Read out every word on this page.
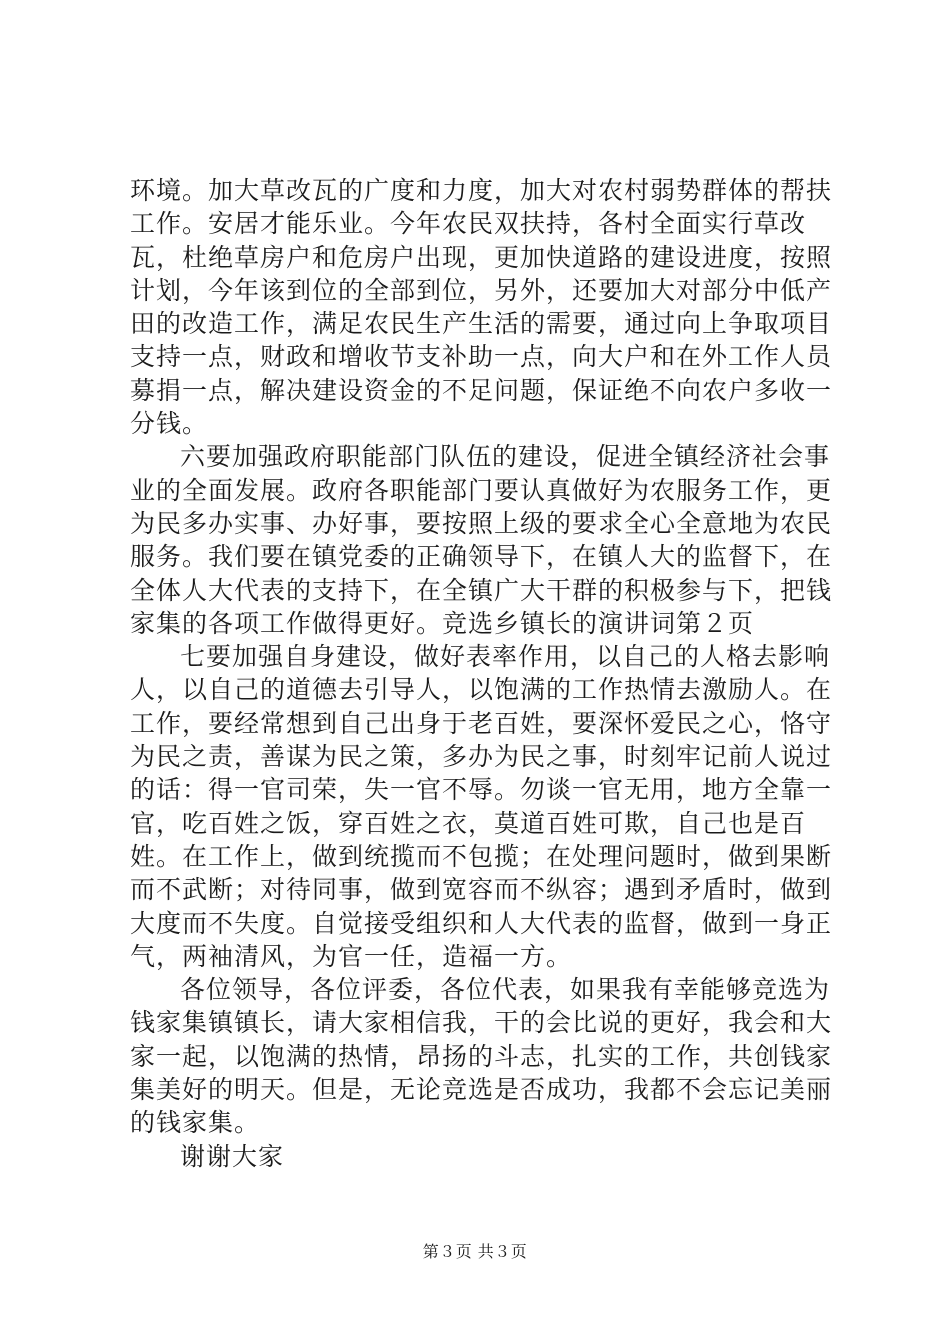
环境。加大草改瓦的广度和力度，加大对农村弱势群体的帮扶工作。安居才能乐业。今年农民双扶持，各村全面实行草改瓦，杜绝草房户和危房户出现，更加快道路的建设进度，按照计划，今年该到位的全部到位，另外，还要加大对部分中低产田的改造工作，满足农民生产生活的需要，通过向上争取项目支持一点，财政和增收节支补助一点，向大户和在外工作人员募捐一点，解决建设资金的不足问题，保证绝不向农户多收一分钱。

六要加强政府职能部门队伍的建设，促进全镇经济社会事业的全面发展。政府各职能部门要认真做好为农服务工作，更为民多办实事、办好事，要按照上级的要求全心全意地为农民服务。我们要在镇党委的正确领导下，在镇人大的监督下，在全体人大代表的支持下，在全镇广大干群的积极参与下，把钱家集的各项工作做得更好。竞选乡镇长的演讲词第２页

七要加强自身建设，做好表率作用，以自己的人格去影响人，以自己的道德去引导人，以饱满的工作热情去激励人。在工作，要经常想到自己出身于老百姓，要深怀爱民之心，恪守为民之责，善谋为民之策，多办为民之事，时刻牢记前人说过的话：得一官司荣，失一官不辱。勿谈一官无用，地方全靠一官，吃百姓之饭，穿百姓之衣，莫道百姓可欺，自己也是百姓。在工作上，做到统揽而不包揽；在处理问题时，做到果断而不武断；对待同事，做到宽容而不纵容；遇到矛盾时，做到大度而不失度。自觉接受组织和人大代表的监督，做到一身正气，两袖清风，为官一任，造福一方。

各位领导，各位评委，各位代表，如果我有幸能够竞选为钱家集镇镇长，请大家相信我，干的会比说的更好，我会和大家一起，以饱满的热情，昂扬的斗志，扎实的工作，共创钱家集美好的明天。但是，无论竞选是否成功，我都不会忘记美丽的钱家集。

谢谢大家

第３页 共３页
